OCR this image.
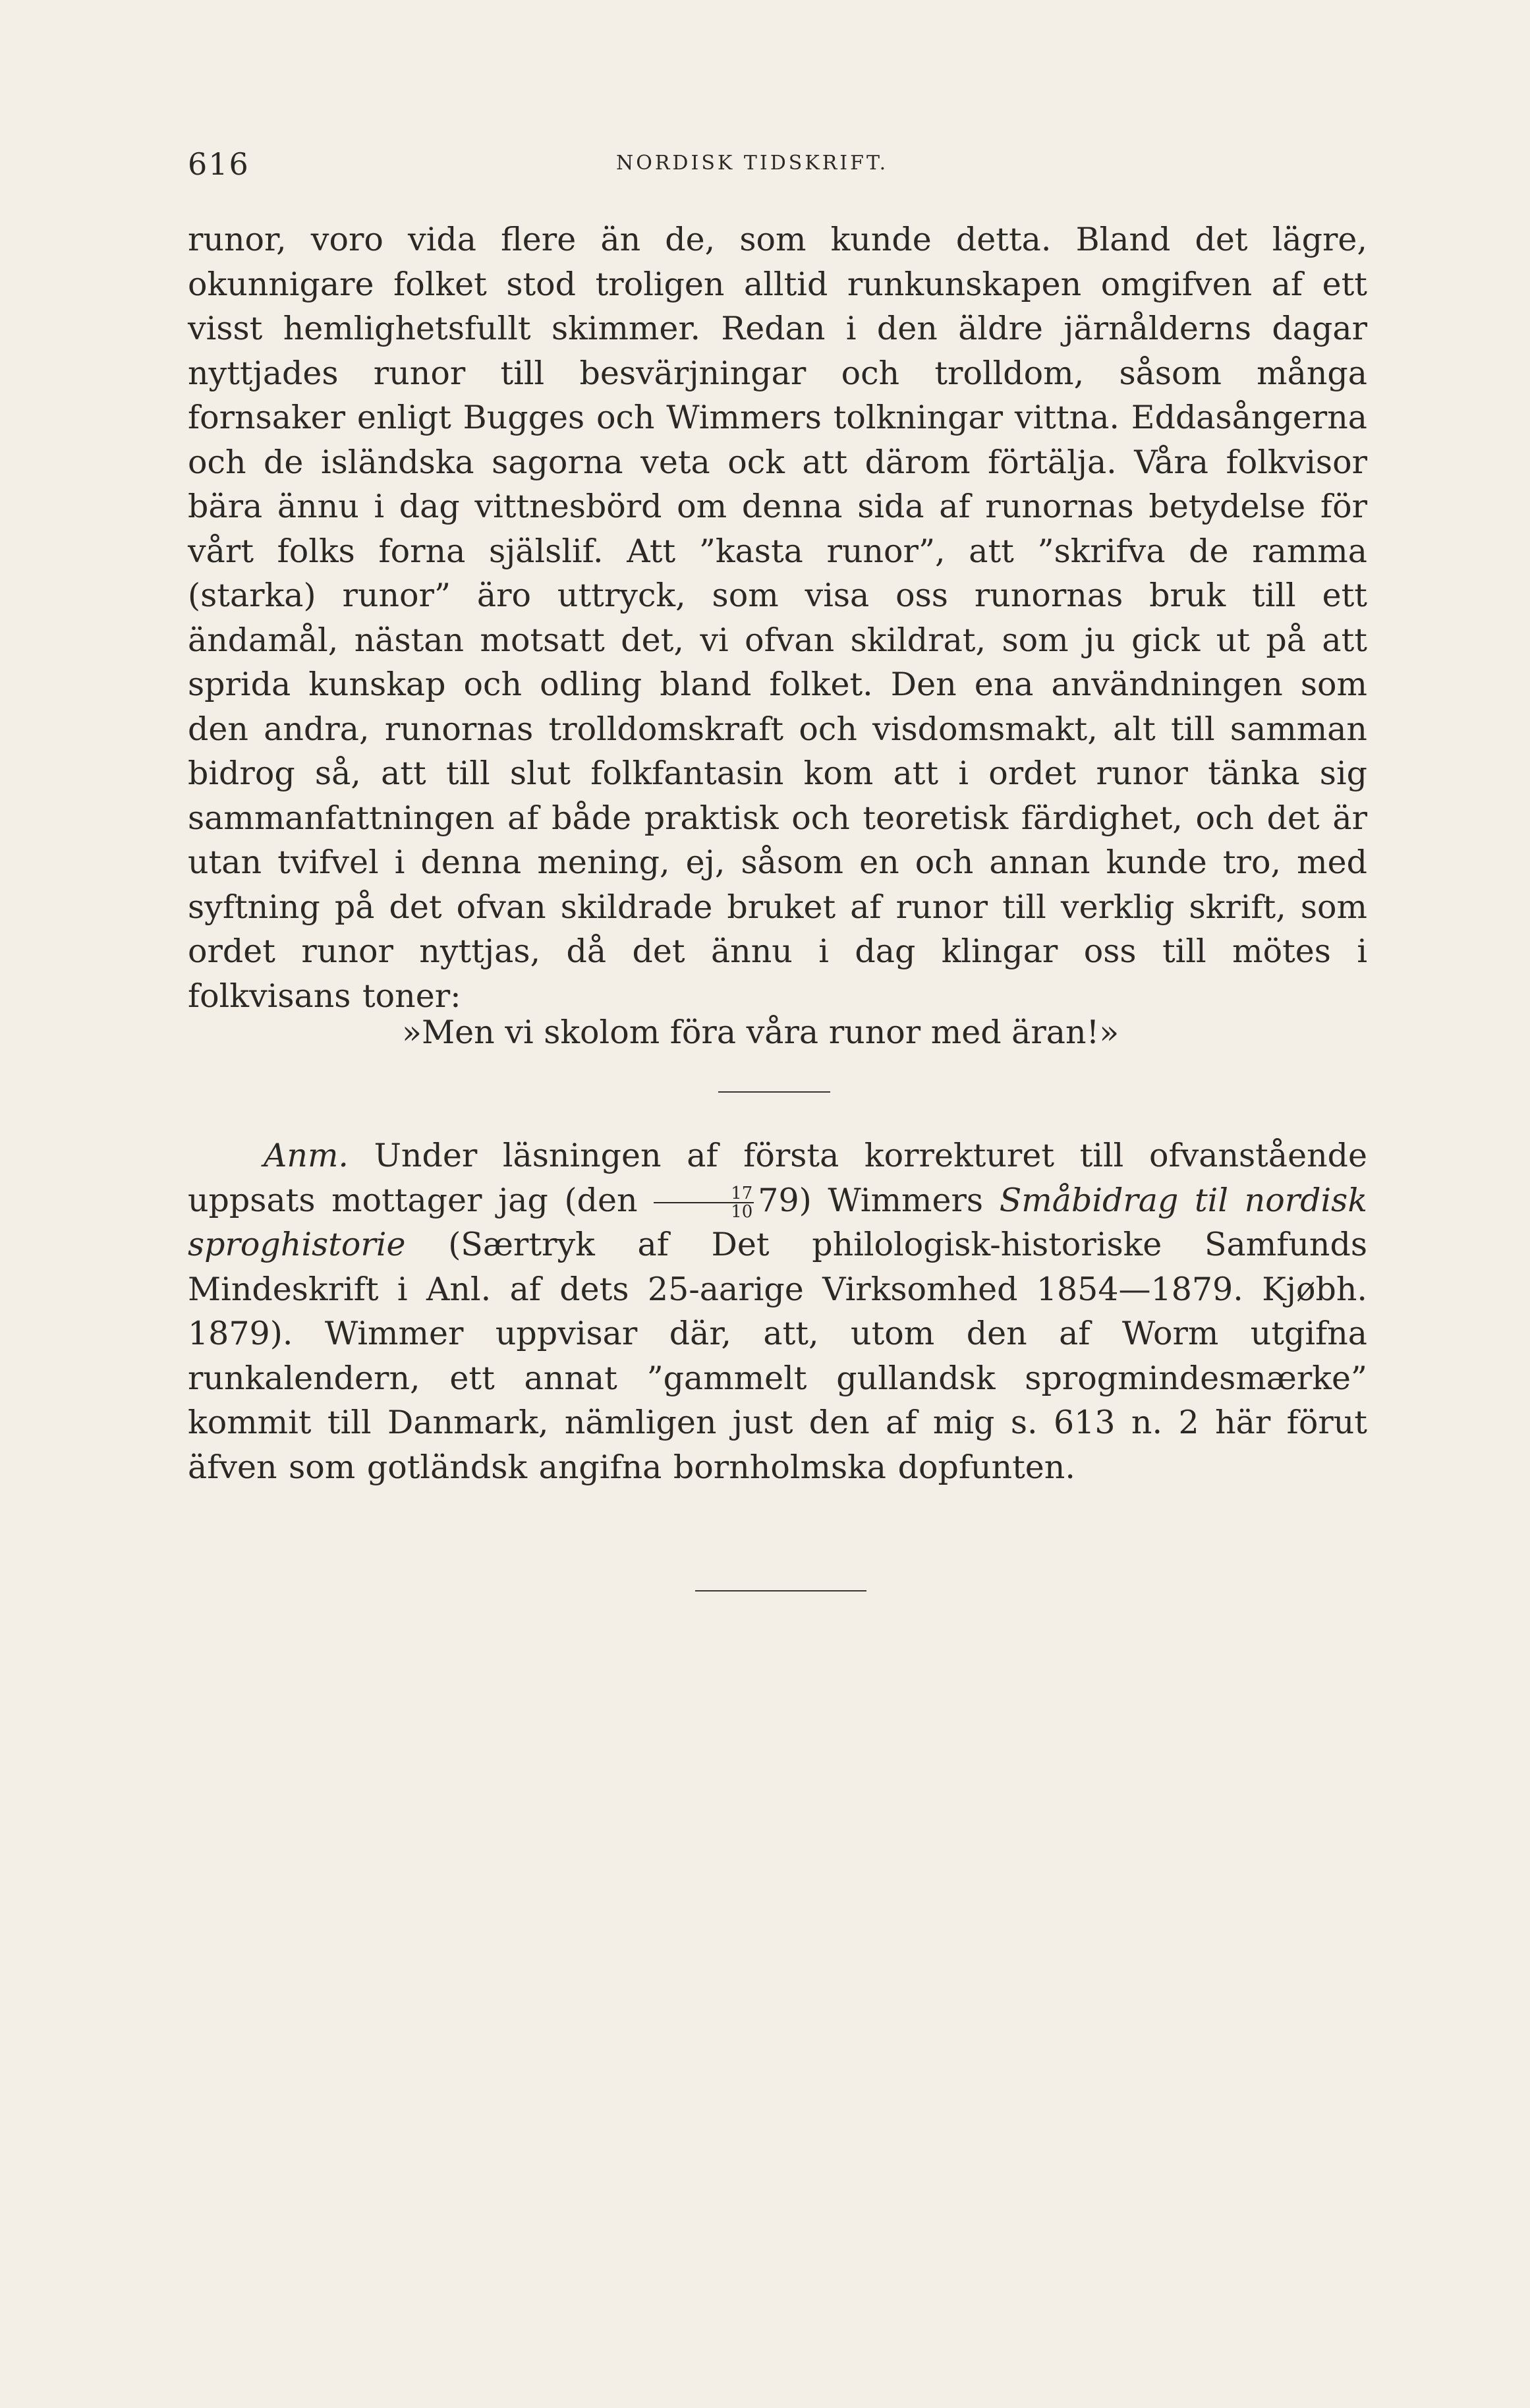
616	NORDISK TIDSKRIFT.

runor, voro vida flere än de, som kunde detta. Bland det lägre, okunnigare folket stod troligen alltid runkunskapen omgifven af ett visst hemlighetsfullt skimmer. Redan i den äldre järnålderns dagar nyttjades runor till besvärjningar och trolldom, såsom många fornsaker enligt Bugges och Wimmers tolkningar vittna. Eddasångerna och de isländska sagorna veta ock att därom förtälja. Våra folkvisor bära ännu i dag vittnesbörd om denna sida af runornas betydelse för vårt folks forna själslif. Att ”kasta runor”, att ”skrifva de ramma (starka) runor” äro uttryck, som visa oss runornas bruk till ett ändamål, nästan motsatt det, vi ofvan skildrat, som ju gick ut på att sprida kunskap och odling bland folket. Den ena användningen som den andra, runornas trolldomskraft och visdomsmakt, alt till samman bidrog så, att till slut folkfantasin kom att i ordet runor tänka sig sammanfattningen af både praktisk och teoretisk färdighet, och det är utan tvifvel i denna mening, ej, såsom en och annan kunde tro, med syftning på det ofvan skildrade bruket af runor till verklig skrift, som ordet runor nyttjas, då det ännu i dag klingar oss till mötes i folkvisans toner:

»Men vi skolom föra våra runor med äran!»

Anm. Under läsningen af första korrekturet till ofvanstående uppsats mottager jag $(den \frac{17}{10} 79)$ Wimmers Småbidrag til nordisk sproghistorie (Særtryk af Det philologisk-historiske Samfunds Mindeskrift i Anl. af dets 25-aarige Virksomhed 1854—1879. Kjøbh. 1879). Wimmer uppvisar där, att, utom den af Worm utgifna runkalendern, ett annat ”gammelt gullandsk sprogmindesmærke” kommit till Danmark, nämligen just den af mig s. 613 n. 2 här förut äfven som gotländsk angifna bornholmska dopfunten.
